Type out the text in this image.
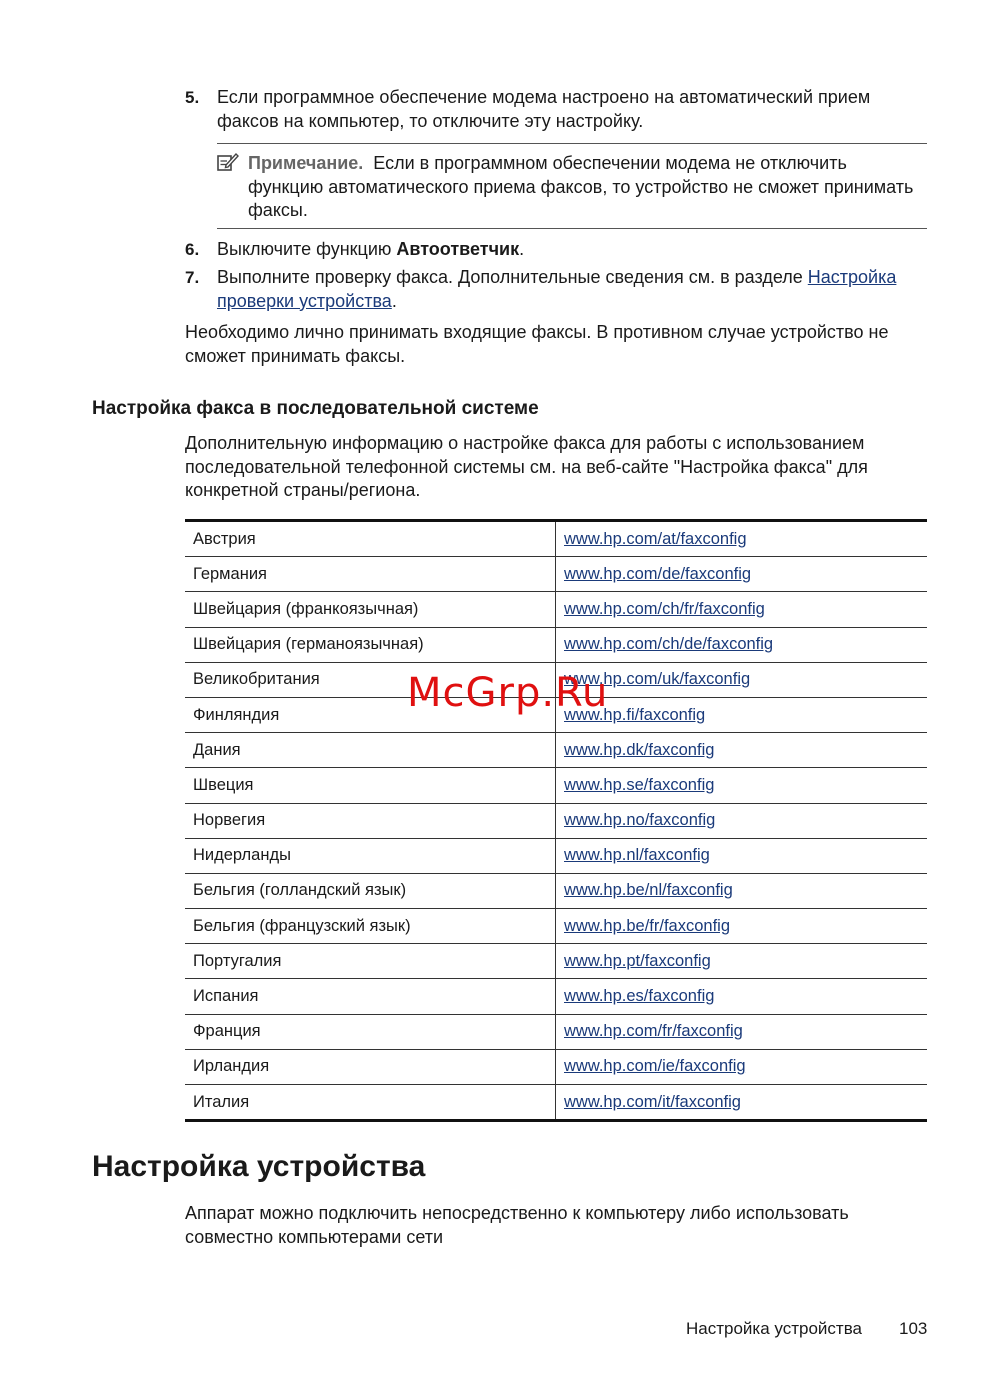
5. Если программное обеспечение модема настроено на автоматический прием факсов на компьютер, то отключите эту настройку.
Примечание. Если в программном обеспечении модема не отключить функцию автоматического приема факсов, то устройство не сможет принимать факсы.
6. Выключите функцию Автоответчик.
7. Выполните проверку факса. Дополнительные сведения см. в разделе Настройка проверки устройства.
Необходимо лично принимать входящие факсы. В противном случае устройство не сможет принимать факсы.
Настройка факса в последовательной системе
Дополнительную информацию о настройке факса для работы с использованием последовательной телефонной системы см. на веб-сайте "Настройка факса" для конкретной страны/региона.
Австрия	www.hp.com/at/faxconfig
Германия	www.hp.com/de/faxconfig
Швейцария (франкоязычная)	www.hp.com/ch/fr/faxconfig
Швейцария (германоязычная)	www.hp.com/ch/de/faxconfig
Великобритания	www.hp.com/uk/faxconfig
Финляндия	www.hp.fi/faxconfig
Дания	www.hp.dk/faxconfig
Швеция	www.hp.se/faxconfig
Норвегия	www.hp.no/faxconfig
Нидерланды	www.hp.nl/faxconfig
Бельгия (голландский язык)	www.hp.be/nl/faxconfig
Бельгия (французский язык)	www.hp.be/fr/faxconfig
Португалия	www.hp.pt/faxconfig
Испания	www.hp.es/faxconfig
Франция	www.hp.com/fr/faxconfig
Ирландия	www.hp.com/ie/faxconfig
Италия	www.hp.com/it/faxconfig
McGrp.Ru
Настройка устройства
Аппарат можно подключить непосредственно к компьютеру либо использовать совместно компьютерами сети
Настройка устройства 103
